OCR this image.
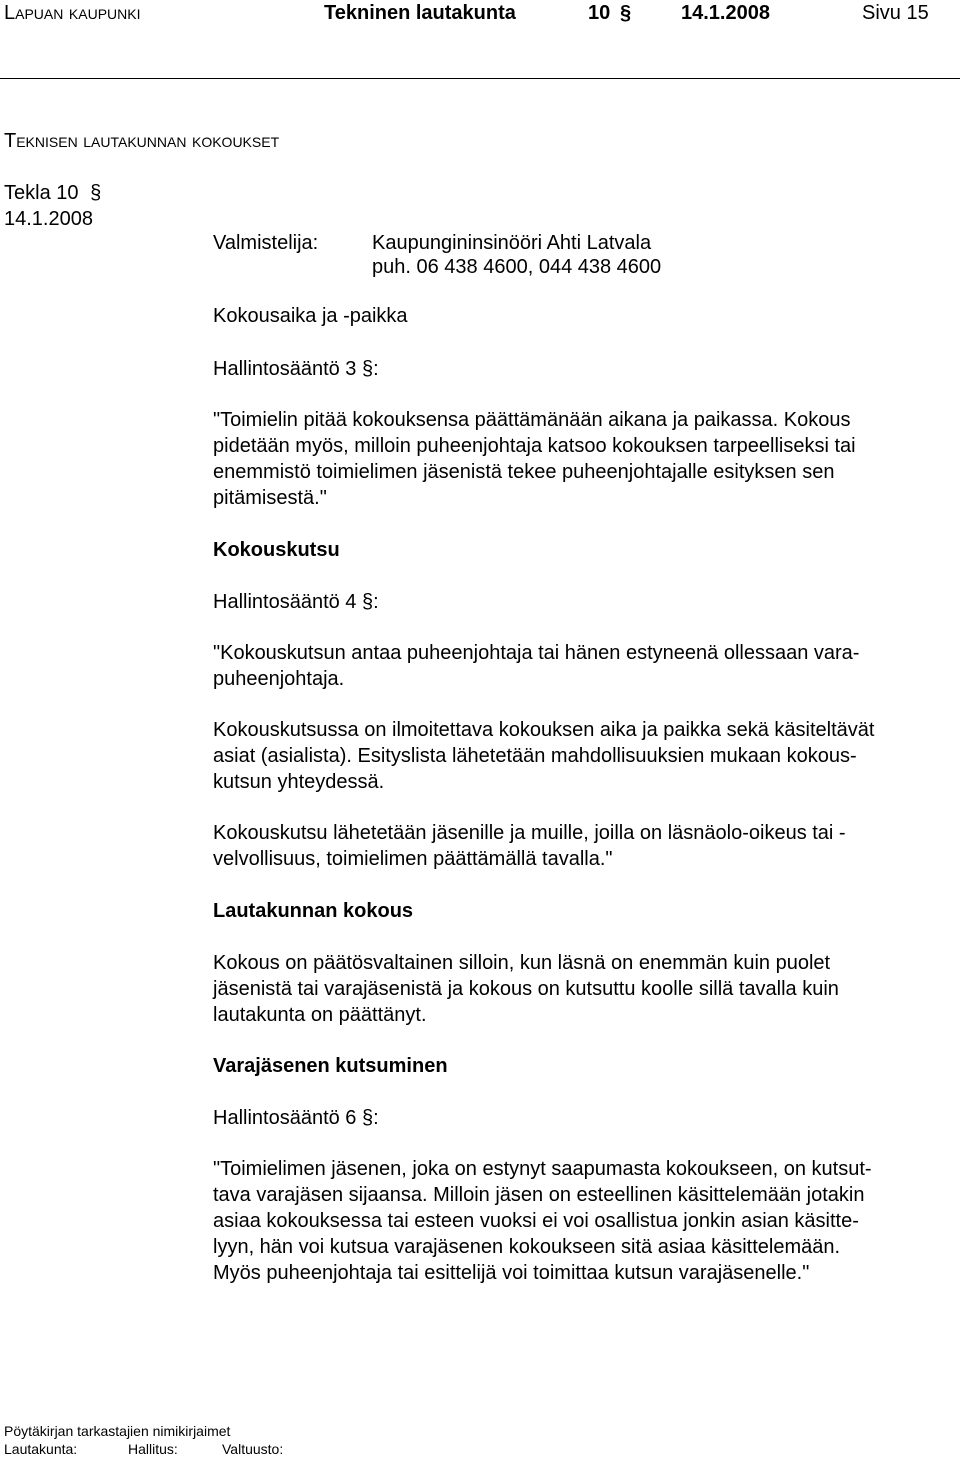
Lapuan kaupunki	Tekninen lautakunta	10 § 14.1.2008	Sivu 15
Teknisen lautakunnan kokoukset
Tekla 10 §
14.1.2008
Valmistelija:	Kaupungininsinööri Ahti Latvala
puh. 06 438 4600, 044 438 4600
Kokousaika ja -paikka
Hallintosääntö 3 §:
"Toimielin pitää kokouksensa päättämänään aikana ja paikassa. Kokous
pidetään myös, milloin puheenjohtaja katsoo kokouksen tarpeelliseksi tai
enemmistö toimielimen jäsenistä tekee puheenjohtajalle esityksen sen
pitämisestä."
Kokouskutsu
Hallintosääntö 4 §:
"Kokouskutsun antaa puheenjohtaja tai hänen estyneenä ollessaan vara-
puheenjohtaja.
Kokouskutsussa on ilmoitettava kokouksen aika ja paikka sekä käsiteltävät
asiat (asialista). Esityslista lähetetään mahdollisuuksien mukaan kokous-
kutsun yhteydessä.
Kokouskutsu lähetetään jäsenille ja muille, joilla on läsnäolo-oikeus tai -
velvollisuus, toimielimen päättämällä tavalla."
Lautakunnan kokous
Kokous on päätösvaltainen silloin, kun läsnä on enemmän kuin puolet
jäsenistä tai varajäsenistä ja kokous on kutsuttu koolle sillä tavalla kuin
lautakunta on päättänyt.
Varajäsenen kutsuminen
Hallintosääntö 6 §:
"Toimielimen jäsenen, joka on estynyt saapumasta kokoukseen, on kutsut-
tava varajäsen sijaansa. Milloin jäsen on esteellinen käsittelemään jotakin
asiaa kokouksessa tai esteen vuoksi ei voi osallistua jonkin asian käsitte-
lyyn, hän voi kutsua varajäsenen kokoukseen sitä asiaa käsittelemään.
Myös puheenjohtaja tai esittelijä voi toimittaa kutsun varajäsenelle."
Pöytäkirjan tarkastajien nimikirjaimet
Lautakunta:	Hallitus:	Valtuusto:
